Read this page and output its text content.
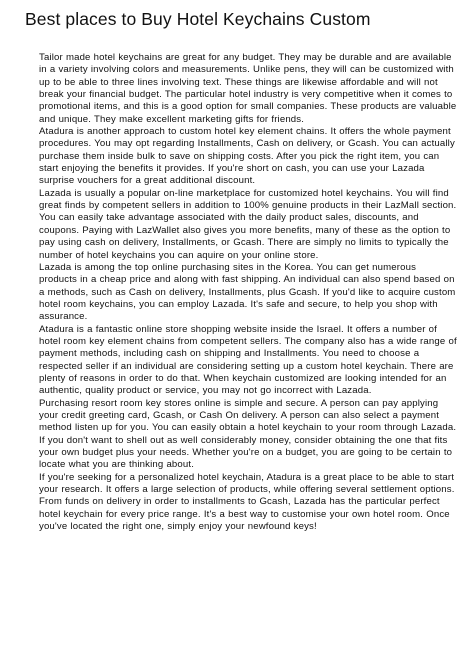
Best places to Buy Hotel Keychains Custom

Tailor made hotel keychains are great for any budget. They may be durable and are available in a variety involving colors and measurements. Unlike pens, they will can be customized with up to be able to three lines involving text. These things are likewise affordable and will not break your financial budget. The particular hotel industry is very competitive when it comes to promotional items, and this is a good option for small companies. These products are valuable and unique. They make excellent marketing gifts for friends.

Atadura is another approach to custom hotel key element chains. It offers the whole payment procedures. You may opt regarding Installments, Cash on delivery, or Gcash. You can actually purchase them inside bulk to save on shipping costs. After you pick the right item, you can start enjoying the benefits it provides. If you're short on cash, you can use your Lazada surprise vouchers for a great additional discount.

Lazada is usually a popular on-line marketplace for customized hotel keychains. You will find great finds by competent sellers in addition to 100% genuine products in their LazMall section. You can easily take advantage associated with the daily product sales, discounts, and coupons. Paying with LazWallet also gives you more benefits, many of these as the option to pay using cash on delivery, Installments, or Gcash. There are simply no limits to typically the number of hotel keychains you can aquire on your online store.

Lazada is among the top online purchasing sites in the Korea. You can get numerous products in a cheap price and along with fast shipping. An individual can also spend based on a methods, such as Cash on delivery, Installments, plus Gcash. If you'd like to acquire custom hotel room keychains, you can employ Lazada. It's safe and secure, to help you shop with assurance.

Atadura is a fantastic online store shopping website inside the Israel. It offers a number of hotel room key element chains from competent sellers. The company also has a wide range of payment methods, including cash on shipping and Installments. You need to choose a respected seller if an individual are considering setting up a custom hotel keychain. There are plenty of reasons in order to do that. When keychain customized are looking intended for an authentic, quality product or service, you may not go incorrect with Lazada.

Purchasing resort room key stores online is simple and secure. A person can pay applying your credit greeting card, Gcash, or Cash On delivery. A person can also select a payment method listen up for you. You can easily obtain a hotel keychain to your room through Lazada. If you don't want to shell out as well considerably money, consider obtaining the one that fits your own budget plus your needs. Whether you're on a budget, you are going to be certain to locate what you are thinking about.

If you're seeking for a personalized hotel keychain, Atadura is a great place to be able to start your research. It offers a large selection of products, while offering several settlement options. From funds on delivery in order to installments to Gcash, Lazada has the particular perfect hotel keychain for every price range. It's a best way to customise your own hotel room. Once you've located the right one, simply enjoy your newfound keys!
